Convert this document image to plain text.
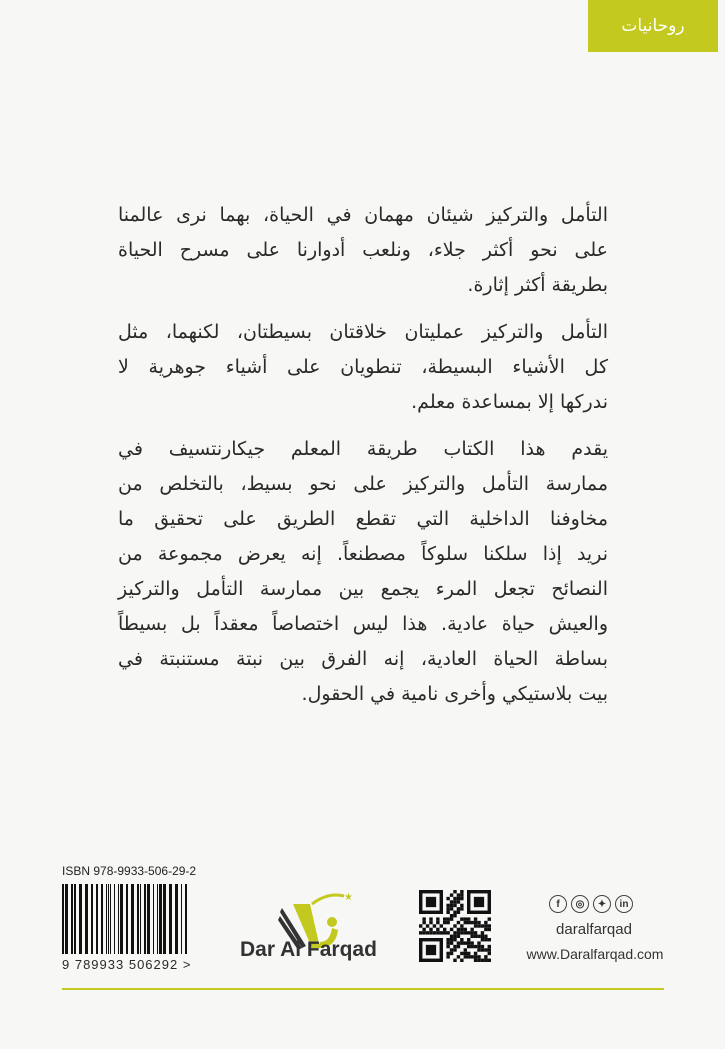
روحانيات
التأمل والتركيز شيئان مهمان في الحياة، بهما نرى عالمنا
على نحو أكثر جلاء، ونلعب أدوارنا على مسرح الحياة
بطريقة أكثر إثارة.
التأمل والتركيز عمليتان خلاقتان بسيطتان، لكنهما، مثل
كل الأشياء البسيطة، تنطويان على أشياء جوهرية لا
ندركها إلا بمساعدة معلم.
يقدم هذا الكتاب طريقة المعلم جيكارنتسيف في
ممارسة التأمل والتركيز على نحو بسيط، بالتخلص من
مخاوفنا الداخلية التي تقطع الطريق على تحقيق ما
نريد إذا سلكنا سلوكاً مصطنعاً. إنه يعرض مجموعة من
النصائح تجعل المرء يجمع بين ممارسة التأمل والتركيز
والعيش حياة عادية. هذا ليس اختصاصاً معقداً بل بسيطاً
بساطة الحياة العادية، إنه الفرق بين نبتة مستنبتة في
بيت بلاستيكي وأخرى نامية في الحقول.
ISBN 978-9933-506-29-2
9 789933 506292 >
★
Dar Al Farqad
f	◎	✦	in
daralfarqad
www.Daralfarqad.com
